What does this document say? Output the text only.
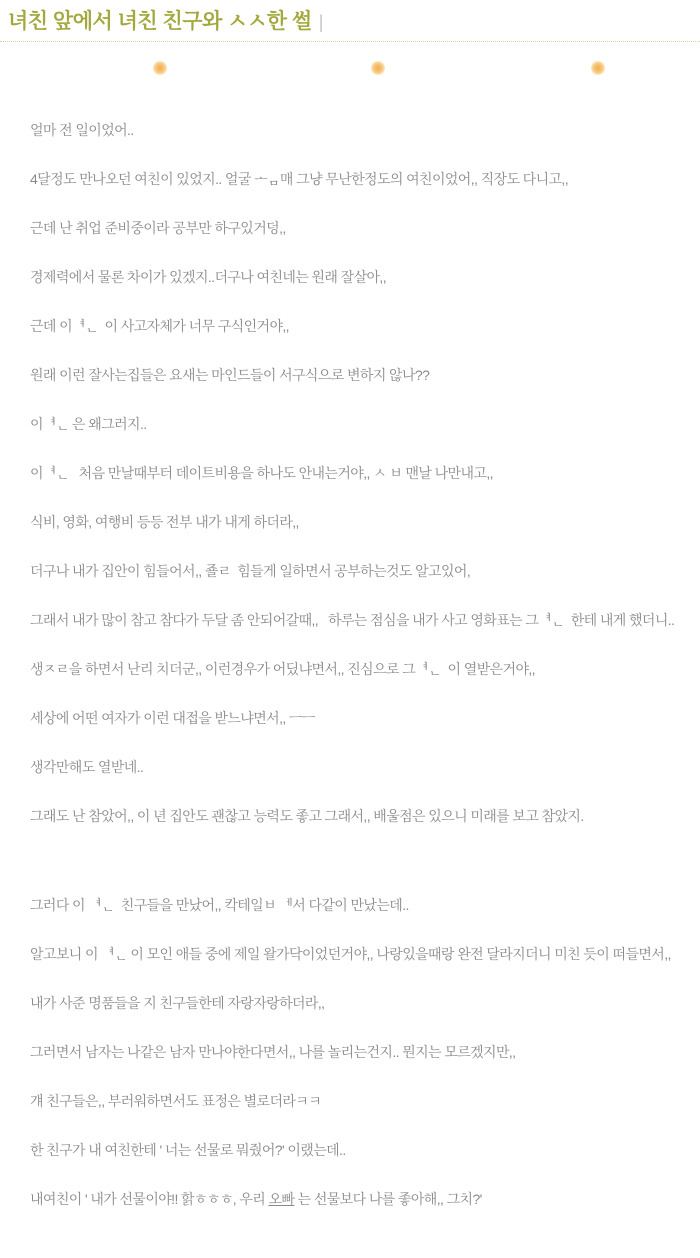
녀친 앞에서 녀친 친구와 ㅅㅅ한 썰 |

얼마 전 일이었어..

4달정도 만나오던 여친이 있었지.. 얼굴 ᅩᆷ매 그냥 무난한정도의 여친이었어,, 직장도 다니고,,

근데 난 취업 준비중이라 공부만 하구있거덩,,

경제력에서 물론 차이가 있겠지..더구나 여친네는 원래 잘살아,,

근데 이ᅧᆫ  이 사고자체가 너무 구식인거야,,

원래 이런 잘사는집들은 요새는 마인드들이 서구식으로 변하지 않나??

이ᅧᆫ 은 왜그러지..

이ᅧᆫ   처음 만날때부터 데이트비용을 하나도 안내는거야,, ㅅ ㅂ 맨날 나만내고,,

식비, 영화, 여행비 등등 전부 내가 내게 하더라,,

더구나 내가 집안이 힘들어서,, 죨ㄹ  힘들게 일하면서 공부하는것도 알고있어,

그래서 내가 많이 참고 참다가 두달 좀 안되어갈때,,   하루는 점심을 내가 사고 영화표는 그ᅧᆫ  한테 내게 했더니..

생ㅈㄹ을 하면서 난리 치더군,, 이런경우가 어딨냐면서,, 진심으로 그ᅧᆫ  이 열받은거야,,

세상에 어떤 여자가 이런 대접을 받느냐면서,, ㅡㅡ

생각만해도 열받네..

그래도 난 참았어,, 이 년 집안도 괜찮고 능력도 좋고 그래서,, 배울점은 있으니 미래를 보고 참았지.

그러다 이 ᅧᆫ  친구들을 만났어,, 칵테일ㅂ ᅦ서 다같이 만났는데..

알고보니 이 ᅧᆫ 이 모인 애들 중에 제일 왈가닥이었던거야,, 나랑있을때랑 완전 달라지더니 미친 듯이 떠들면서,,

내가 사준 명품들을 지 친구들한테 자랑자랑하더라,,

그러면서 남자는 나같은 남자 만나야한다면서,, 나를 놀리는건지.. 뭔지는 모르겠지만,,

걔 친구들은,, 부러워하면서도 표정은 별로더라ㅋㅋ

한 친구가 내 여친한테 ' 너는 선물로 뭐줬어?' 이랬는데..

내여친이 ' 내가 선물이야!! 핡ㅎㅎㅎ, 우리 오빠 는 선물보다 나를 좋아해,, 그치?'
